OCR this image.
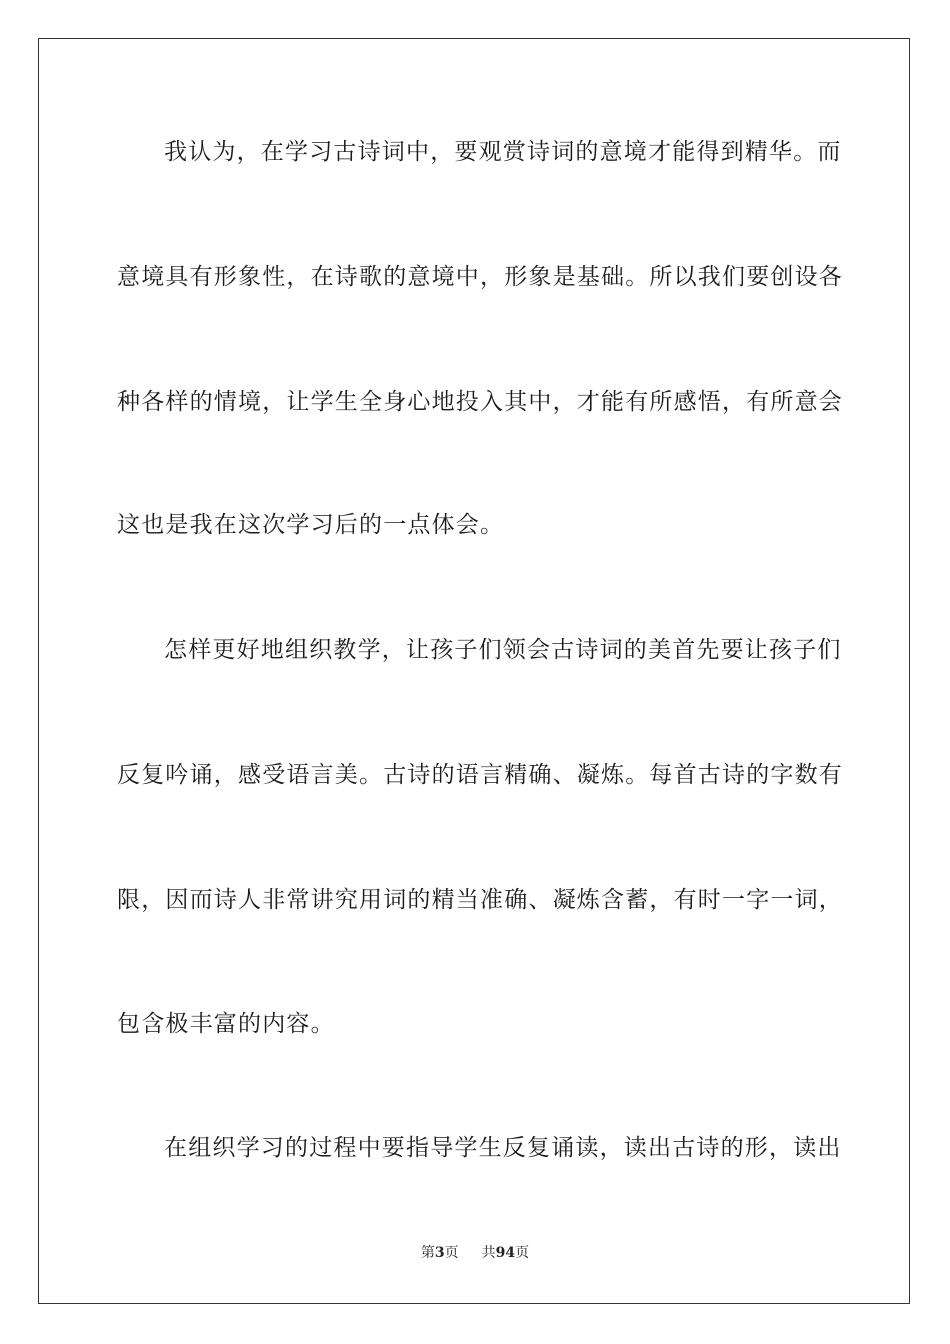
我认为，在学习古诗词中，要观赏诗词的意境才能得到精华。而
意境具有形象性，在诗歌的意境中，形象是基础。所以我们要创设各
种各样的情境，让学生全身心地投入其中，才能有所感悟，有所意会
这也是我在这次学习后的一点体会。
怎样更好地组织教学，让孩子们领会古诗词的美首先要让孩子们
反复吟诵，感受语言美。古诗的语言精确、凝炼。每首古诗的字数有
限，因而诗人非常讲究用词的精当准确、凝炼含蓄，有时一字一词，
包含极丰富的内容。
在组织学习的过程中要指导学生反复诵读，读出古诗的形，读出
第3页 共94页
